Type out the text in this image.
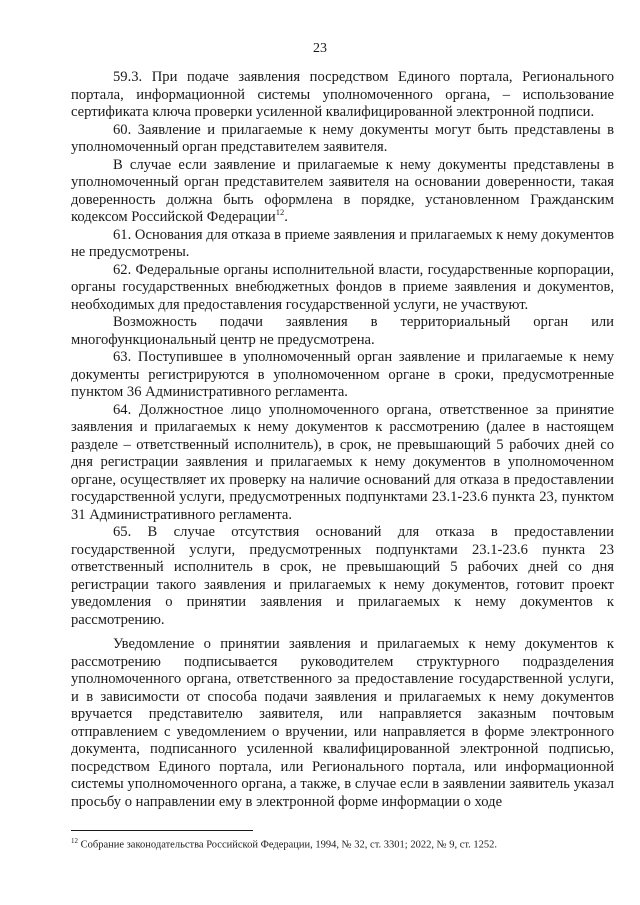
23

59.3. При подаче заявления посредством Единого портала, Регионального портала, информационной системы уполномоченного органа, – использование сертификата ключа проверки усиленной квалифицированной электронной подписи.

60. Заявление и прилагаемые к нему документы могут быть представлены в уполномоченный орган представителем заявителя.

В случае если заявление и прилагаемые к нему документы представлены в уполномоченный орган представителем заявителя на основании доверенности, такая доверенность должна быть оформлена в порядке, установленном Гражданским кодексом Российской Федерации$^{12}$.

61. Основания для отказа в приеме заявления и прилагаемых к нему документов не предусмотрены.

62. Федеральные органы исполнительной власти, государственные корпорации, органы государственных внебюджетных фондов в приеме заявления и документов, необходимых для предоставления государственной услуги, не участвуют.

Возможность подачи заявления в территориальный орган или многофункциональный центр не предусмотрена.

63. Поступившее в уполномоченный орган заявление и прилагаемые к нему документы регистрируются в уполномоченном органе в сроки, предусмотренные пунктом 36 Административного регламента.

64. Должностное лицо уполномоченного органа, ответственное за принятие заявления и прилагаемых к нему документов к рассмотрению (далее в настоящем разделе – ответственный исполнитель), в срок, не превышающий 5 рабочих дней со дня регистрации заявления и прилагаемых к нему документов в уполномоченном органе, осуществляет их проверку на наличие оснований для отказа в предоставлении государственной услуги, предусмотренных подпунктами 23.1-23.6 пункта 23, пунктом 31 Административного регламента.

65. В случае отсутствия оснований для отказа в предоставлении государственной услуги, предусмотренных подпунктами 23.1-23.6 пункта 23 ответственный исполнитель в срок, не превышающий 5 рабочих дней со дня регистрации такого заявления и прилагаемых к нему документов, готовит проект уведомления о принятии заявления и прилагаемых к нему документов к рассмотрению.

Уведомление о принятии заявления и прилагаемых к нему документов к рассмотрению подписывается руководителем структурного подразделения уполномоченного органа, ответственного за предоставление государственной услуги, и в зависимости от способа подачи заявления и прилагаемых к нему документов вручается представителю заявителя, или направляется заказным почтовым отправлением с уведомлением о вручении, или направляется в форме электронного документа, подписанного усиленной квалифицированной электронной подписью, посредством Единого портала, или Регионального портала, или информационной системы уполномоченного органа, а также, в случае если в заявлении заявитель указал просьбу о направлении ему в электронной форме информации о ходе

$^{12}$ Собрание законодательства Российской Федерации, 1994, № 32, ст. 3301; 2022, № 9, ст. 1252.
